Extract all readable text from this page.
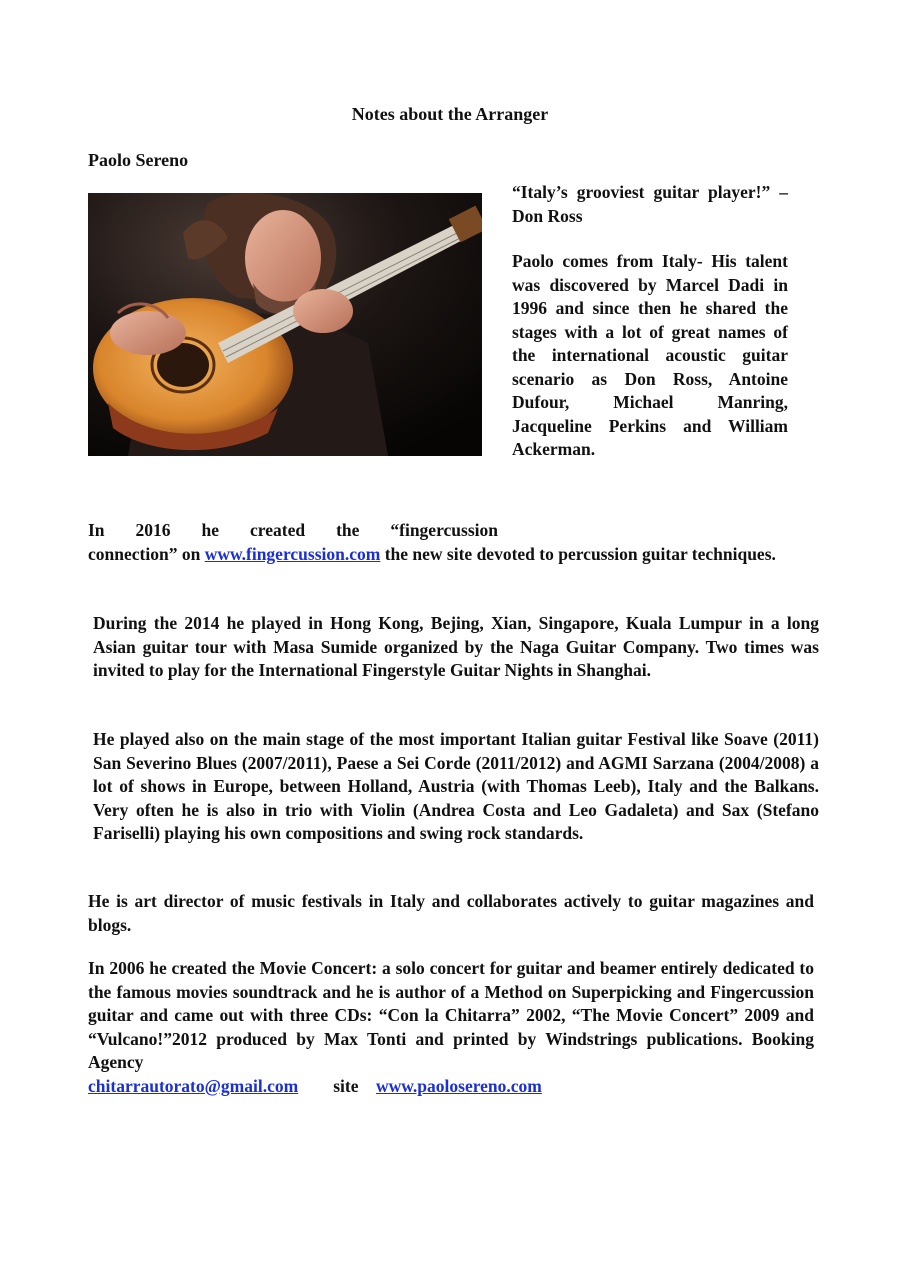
Notes about the Arranger
Paolo Sereno
“Italy’s grooviest guitar player!” – Don Ross
Paolo comes from Italy- His talent was discovered by Marcel Dadi in 1996 and since then he shared the stages with a lot of great names of the international acoustic guitar scenario as Don Ross, Antoine Dufour, Michael Manring, Jacqueline Perkins and William Ackerman.

In 2016 he created the “fingercussion
connection” on www.fingercussion.com the new site devoted to percussion guitar techniques.

During the 2014 he played in Hong Kong, Bejing, Xian, Singapore, Kuala Lumpur in a long Asian guitar tour with Masa Sumide organized by the Naga Guitar Company. Two times was invited to play for the International Fingerstyle Guitar Nights in Shanghai.

He played also on the main stage of the most important Italian guitar Festival like Soave (2011) San Severino Blues (2007/2011), Paese a Sei Corde (2011/2012) and AGMI Sarzana (2004/2008) a lot of shows in Europe, between Holland, Austria (with Thomas Leeb), Italy and the Balkans. Very often he is also in trio with Violin (Andrea Costa and Leo Gadaleta) and Sax (Stefano Fariselli) playing his own compositions and swing rock standards.

He is art director of music festivals in Italy and collaborates actively to guitar magazines and blogs.

In 2006 he created the Movie Concert: a solo concert for guitar and beamer entirely dedicated to the famous movies soundtrack and he is author of a Method on Superpicking and Fingercussion guitar and came out with three CDs: “Con la Chitarra” 2002, “The Movie Concert” 2009 and “Vulcano!”2012 produced by Max Tonti and printed by Windstrings publications. Booking Agency
chitarrautorato@gmail.com site www.paolosereno.com
